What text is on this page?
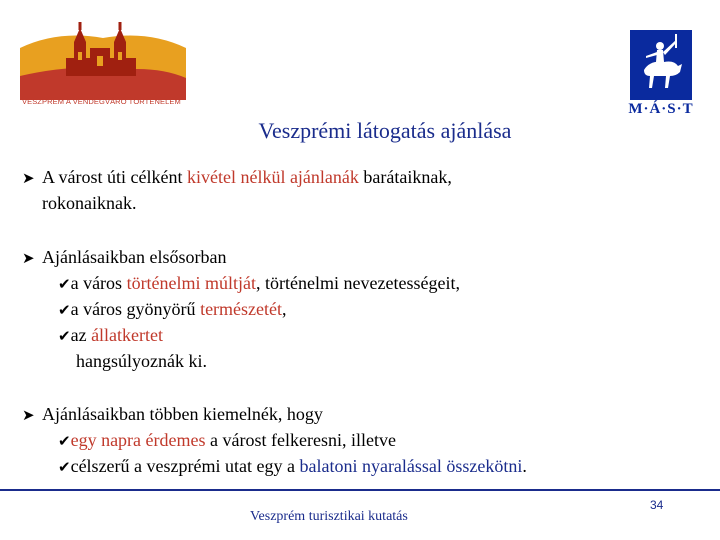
VESZPRÉM A VENDÉGVÁRÓ TÖRTÉNELEM	M·Á·S·T
Veszprémi látogatás ajánlása
➤ A várost úti célként kivétel nélkül ajánlanák barátaiknak,
rokonaiknak.
➤ Ajánlásaikban elsősorban
✔a város történelmi múltját, történelmi nevezetességeit,
✔a város gyönyörű természetét,
✔az állatkertet
hangsúlyoznák ki.
➤ Ajánlásaikban többen kiemelnék, hogy
✔egy napra érdemes a várost felkeresni, illetve
✔célszerű a veszprémi utat egy a balatoni nyaralással összekötni.
34
Veszprém turisztikai kutatás
